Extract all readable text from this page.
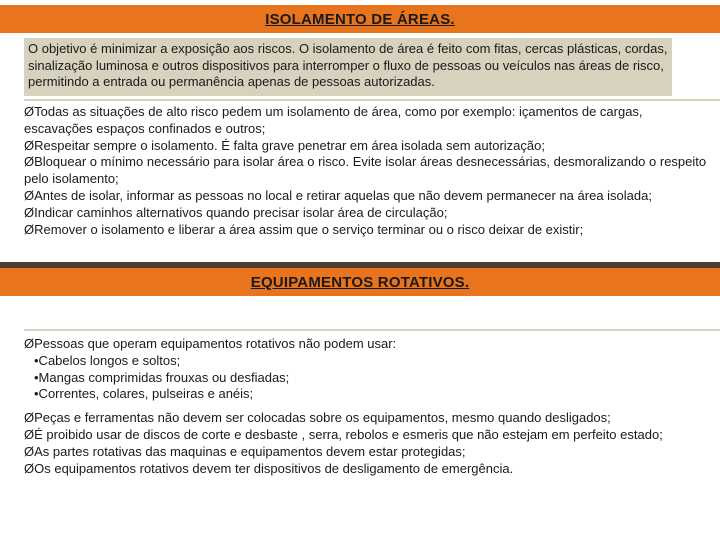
ISOLAMENTO DE ÁREAS.
O objetivo é minimizar a exposição aos riscos. O isolamento de área é feito com fitas, cercas plásticas, cordas, sinalização luminosa e outros dispositivos para interromper o fluxo de pessoas ou veículos nas áreas de risco, permitindo a entrada ou permanência apenas de pessoas autorizadas.

ØTodas as situações de alto risco pedem um isolamento de área, como por exemplo: içamentos de cargas, escavações espaços confinados e outros;

ØRespeitar sempre o isolamento. É falta grave penetrar em área isolada sem autorização;

ØBloquear o mínimo necessário para isolar área o risco. Evite isolar áreas desnecessárias, desmoralizando o respeito pelo isolamento;

ØAntes de isolar, informar as pessoas no local e retirar aquelas que não devem permanecer na área isolada;

ØIndicar caminhos alternativos quando precisar isolar área de circulação;

ØRemover o isolamento e liberar a área assim que o serviço terminar ou o risco deixar de existir;

EQUIPAMENTOS ROTATIVOS.

ØPessoas que operam equipamentos rotativos não podem usar:

•Cabelos longos e soltos;

•Mangas comprimidas frouxas ou desfiadas;

•Correntes, colares, pulseiras e anéis;

ØPeças e ferramentas não devem ser colocadas sobre os equipamentos, mesmo quando desligados;

ØÉ proibido usar de discos de corte e desbaste , serra, rebolos e esmeris que não estejam em perfeito estado;

ØAs partes rotativas das maquinas e equipamentos devem estar protegidas;

ØOs equipamentos rotativos devem ter dispositivos de desligamento de emergência.
